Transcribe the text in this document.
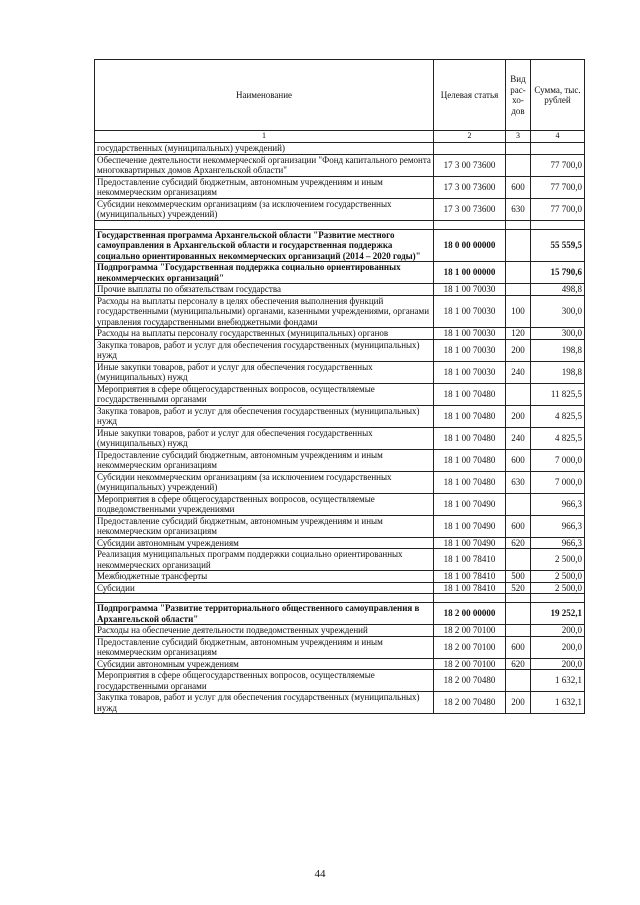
Наименование	Целевая статья	Вид рас-хо-дов	Сумма, тыс. рублей
1	2	3	4
государственных (муниципальных) учреждений)			
Обеспечение деятельности некоммерческой организации "Фонд капитального ремонта многоквартирных домов Архангельской области"	17 3 00 73600		77 700,0
Предоставление субсидий бюджетным, автономным учреждениям и иным некоммерческим организациям	17 3 00 73600	600	77 700,0
Субсидии некоммерческим организациям (за исключением государственных (муниципальных) учреждений)	17 3 00 73600	630	77 700,0

Государственная программа Архангельской области "Развитие местного самоуправления в Архангельской области и государственная поддержка социально ориентированных некоммерческих организаций (2014 – 2020 годы)"	18 0 00 00000		55 559,5
Подпрограмма "Государственная поддержка социально ориентированных некоммерческих организаций"	18 1 00 00000		15 790,6
Прочие выплаты по обязательствам государства	18 1 00 70030		498,8
Расходы на выплаты персоналу в целях обеспечения выполнения функций государственными (муниципальными) органами, казенными учреждениями, органами управления государственными внебюджетными фондами	18 1 00 70030	100	300,0
Расходы на выплаты персоналу государственных (муниципальных) органов	18 1 00 70030	120	300,0
Закупка товаров, работ и услуг для обеспечения государственных (муниципальных) нужд	18 1 00 70030	200	198,8
Иные закупки товаров, работ и услуг для обеспечения государственных (муниципальных) нужд	18 1 00 70030	240	198,8
Мероприятия в сфере общегосударственных вопросов, осуществляемые государственными органами	18 1 00 70480		11 825,5
Закупка товаров, работ и услуг для обеспечения государственных (муниципальных) нужд	18 1 00 70480	200	4 825,5
Иные закупки товаров, работ и услуг для обеспечения государственных (муниципальных) нужд	18 1 00 70480	240	4 825,5
Предоставление субсидий бюджетным, автономным учреждениям и иным некоммерческим организациям	18 1 00 70480	600	7 000,0
Субсидии некоммерческим организациям (за исключением государственных (муниципальных) учреждений)	18 1 00 70480	630	7 000,0
Мероприятия в сфере общегосударственных вопросов, осуществляемые подведомственными учреждениями	18 1 00 70490		966,3
Предоставление субсидий бюджетным, автономным учреждениям и иным некоммерческим организациям	18 1 00 70490	600	966,3
Субсидии автономным учреждениям	18 1 00 70490	620	966,3
Реализация муниципальных программ поддержки социально ориентированных некоммерческих организаций	18 1 00 78410		2 500,0
Межбюджетные трансферты	18 1 00 78410	500	2 500,0
Субсидии	18 1 00 78410	520	2 500,0

Подпрограмма "Развитие территориального общественного самоуправления в Архангельской области"	18 2 00 00000		19 252,1
Расходы на обеспечение деятельности подведомственных учреждений	18 2 00 70100		200,0
Предоставление субсидий бюджетным, автономным учреждениям и иным некоммерческим организациям	18 2 00 70100	600	200,0
Субсидии автономным учреждениям	18 2 00 70100	620	200,0
Мероприятия в сфере общегосударственных вопросов, осуществляемые государственными органами	18 2 00 70480		1 632,1
Закупка товаров, работ и услуг для обеспечения государственных (муниципальных) нужд	18 2 00 70480	200	1 632,1
44
